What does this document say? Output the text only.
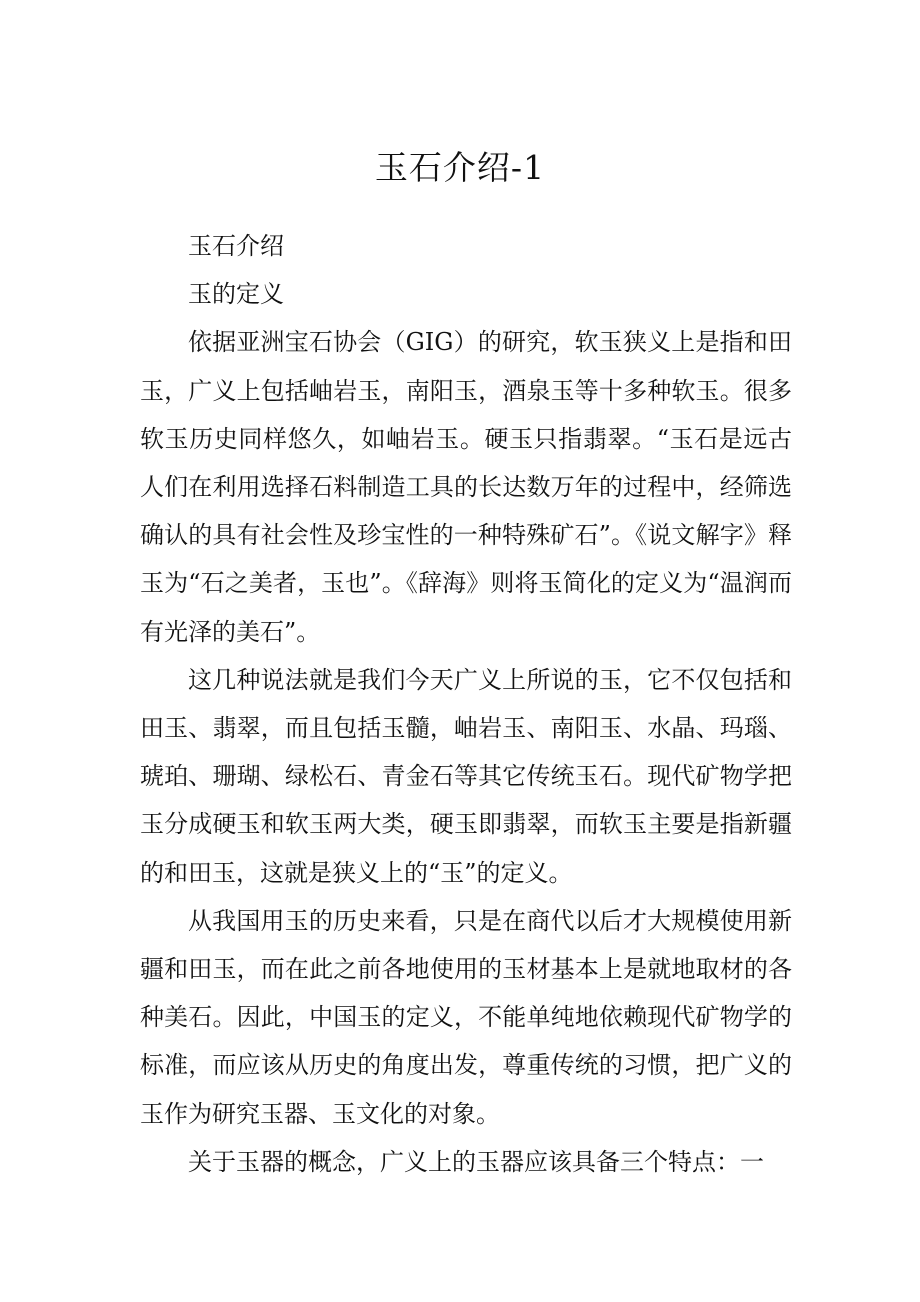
玉石介绍-1

玉石介绍

玉的定义

依据亚洲宝石协会（GIG）的研究，软玉狭义上是指和田玉，广义上包括岫岩玉，南阳玉，酒泉玉等十多种软玉。很多软玉历史同样悠久，如岫岩玉。硬玉只指翡翠。“玉石是远古人们在利用选择石料制造工具的长达数万年的过程中，经筛选确认的具有社会性及珍宝性的一种特殊矿石”。《说文解字》释玉为“石之美者，玉也”。《辞海》则将玉简化的定义为“温润而有光泽的美石”。

这几种说法就是我们今天广义上所说的玉，它不仅包括和田玉、翡翠，而且包括玉髓，岫岩玉、南阳玉、水晶、玛瑙、琥珀、珊瑚、绿松石、青金石等其它传统玉石。现代矿物学把玉分成硬玉和软玉两大类，硬玉即翡翠，而软玉主要是指新疆的和田玉，这就是狭义上的“玉”的定义。

从我国用玉的历史来看，只是在商代以后才大规模使用新疆和田玉，而在此之前各地使用的玉材基本上是就地取材的各种美石。因此，中国玉的定义，不能单纯地依赖现代矿物学的标准，而应该从历史的角度出发，尊重传统的习惯，把广义的玉作为研究玉器、玉文化的对象。

关于玉器的概念，广义上的玉器应该具备三个特点：一
